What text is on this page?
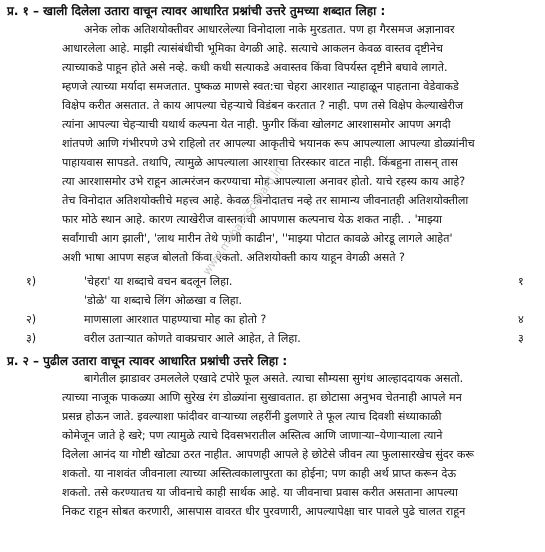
प्र. १ – खाली दिलेला उतारा वाचून त्यावर आधारित प्रश्नांची उत्तरे तुमच्या शब्दात लिहा :
अनेक लोक अतिशयोक्तीवर आधारलेल्या विनोदाला नाके मुरडतात. पण हा गैरसमज अज्ञानावर
आधारलेला आहे. माझी त्यासंबंधीची भूमिका वेगळी आहे. सत्याचे आकलन केवळ वास्तव दृष्टीनेच
त्याच्याकडे पाहून होते असे नव्हे. कधी कधी सत्याकडे अवास्तव किंवा विपर्यस्त दृष्टीने बघावे लागते.
म्हणजे त्याच्या मर्यादा समजतात. पुष्कळ माणसे स्वत:चा चेहरा आरशात न्याहाळून पाहताना वेडेवाकडे
विक्षेप करीत असतात. ते काय आपल्या चेहऱ्याचे विडंबन करतात ? नाही. पण तसे विक्षेप केल्याखेरीज
त्यांना आपल्या चेहऱ्याची यथार्थ कल्पना येत नाही. फुगीर किंवा खोलगट आरशासमोर आपण अगदी
शांतपणे आणि गंभीरपणे उभे राहिलो तर आपल्या आकृतीचे भयानक रूप आपल्याला आपल्या डोळ्यांनीच
पाहायवास सापडते. तथापि, त्यामुळे आपल्याला आरशाचा तिरस्कार वाटत नाही. किंबहुना तासन्‌ तास
त्या आरशासमोर उभे राहून आत्मरंजन करण्याचा मोह आपल्याला अनावर होतो. याचे रहस्य काय आहे?
तेच विनोदात अतिशयोक्तीचे महत्त्व आहे. केवळ विनोदातच नव्हे तर सामान्य जीवनातही अतिशयोक्तीला
फार मोठे स्थान आहे. कारण त्याखेरीज वास्तवाची आपणास कल्पनाच येऊ शकत नाही. . 'माझ्या
सर्वांगाची आग झाली', 'लाथ मारीन तेथे पाणी काढीन', ''माझ्या पोटात कावळे ओरडू लागले आहेत'
अशी भाषा आपण सहज बोलतो किंवा ऐकतो. अतिशयोक्ती काय याहून वेगळी असते ?
१)	'चेहरा' या शब्दाचे वचन बदलून लिहा.	१
'डोळे' या शब्दाचे लिंग ओळखा व लिहा.
२)	माणसाला आरशात पाहण्याचा मोह का होतो ?	४
३)	वरील उताऱ्यात कोणते वाक्प्रचार आले आहेत, ते लिहा.	३
प्र. २ – पुढील उतारा वाचून त्यावर आधारित प्रश्नांची उत्तरे लिहा :
बागेतील झाडावर उमललेले एखादे टपोरे फूल असते. त्याचा सौम्यसा सुगंध आल्हाददायक असतो.
त्याच्या नाजूक पाकळ्या आणि सुरेख रंग डोळ्यांना सुखावतात. हा छोटासा अनुभव चेतनाही आपले मन
प्रसन्न होऊन जाते. इवल्याशा फांदीवर वाऱ्याच्या लहरींनी डुलणारे ते फूल त्याच दिवशी संध्याकाळी
कोमेजून जाते हे खरे; पण त्यामुळे त्याचे दिवसभरातील अस्तित्व आणि जाणाऱ्या–येणाऱ्याला त्याने
दिलेला आनंद या गोष्टी खोट्या ठरत नाहीत. आपणही आपले हे छोटेसे जीवन त्या फुलासारखेच सुंदर करू
शकतो. या नाशवंत जीवनाला त्याच्या अस्तित्वकालापुरता का होईना; पण काही अर्थ प्राप्त करून देऊ
शकतो. तसे करण्यातच या जीवनाचे काही सार्थक आहे. या जीवनाचा प्रवास करीत असताना आपल्या
निकट राहून सोबत करणारी, आसपास वावरत धीर पुरवणारी, आपल्यापेक्षा चार पावले पुढे चालत राहून
www.mahahsscboard.in
